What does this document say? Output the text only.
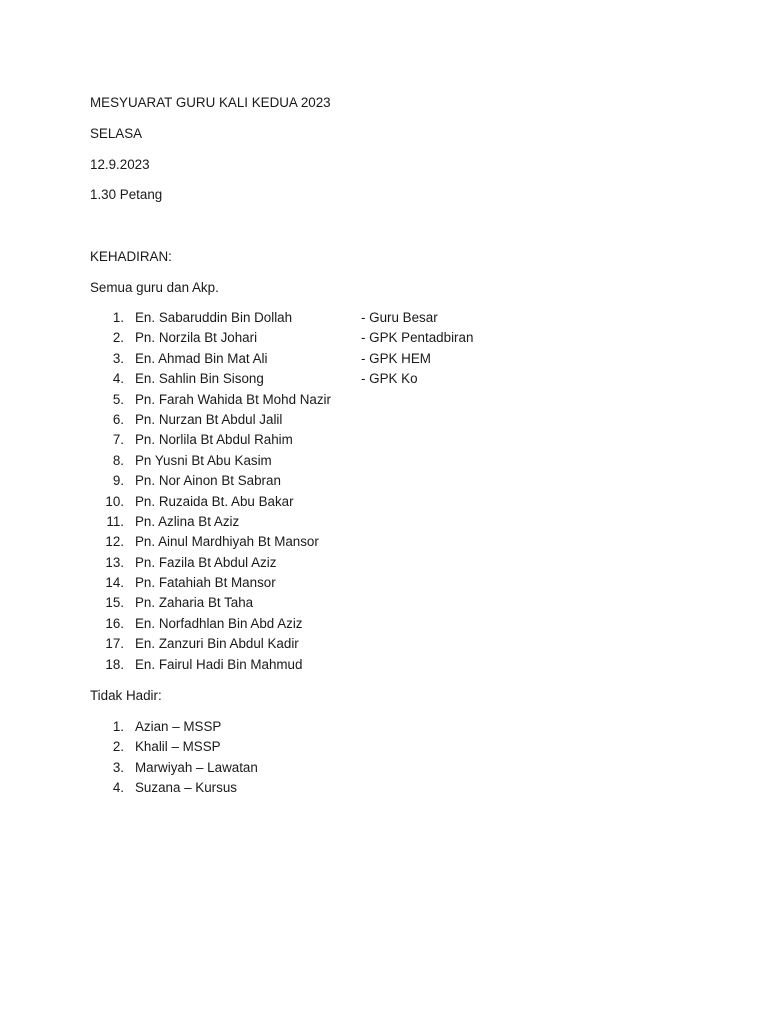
MESYUARAT GURU KALI KEDUA 2023
SELASA
12.9.2023
1.30 Petang
KEHADIRAN:
Semua guru dan Akp.
1. En. Sabaruddin Bin Dollah	- Guru Besar
2. Pn. Norzila Bt Johari	- GPK Pentadbiran
3. En. Ahmad Bin Mat Ali	- GPK HEM
4. En. Sahlin Bin Sisong	- GPK Ko
5. Pn. Farah Wahida Bt Mohd Nazir
6. Pn. Nurzan Bt Abdul Jalil
7. Pn. Norlila Bt Abdul Rahim
8. Pn Yusni Bt Abu Kasim
9. Pn. Nor Ainon Bt Sabran
10. Pn. Ruzaida Bt. Abu Bakar
11. Pn. Azlina Bt Aziz
12. Pn. Ainul Mardhiyah Bt Mansor
13. Pn. Fazila Bt Abdul Aziz
14. Pn. Fatahiah Bt Mansor
15. Pn. Zaharia Bt Taha
16. En. Norfadhlan Bin Abd Aziz
17. En. Zanzuri Bin Abdul Kadir
18. En. Fairul Hadi Bin Mahmud
Tidak Hadir:
1. Azian – MSSP
2. Khalil – MSSP
3. Marwiyah – Lawatan
4. Suzana – Kursus
